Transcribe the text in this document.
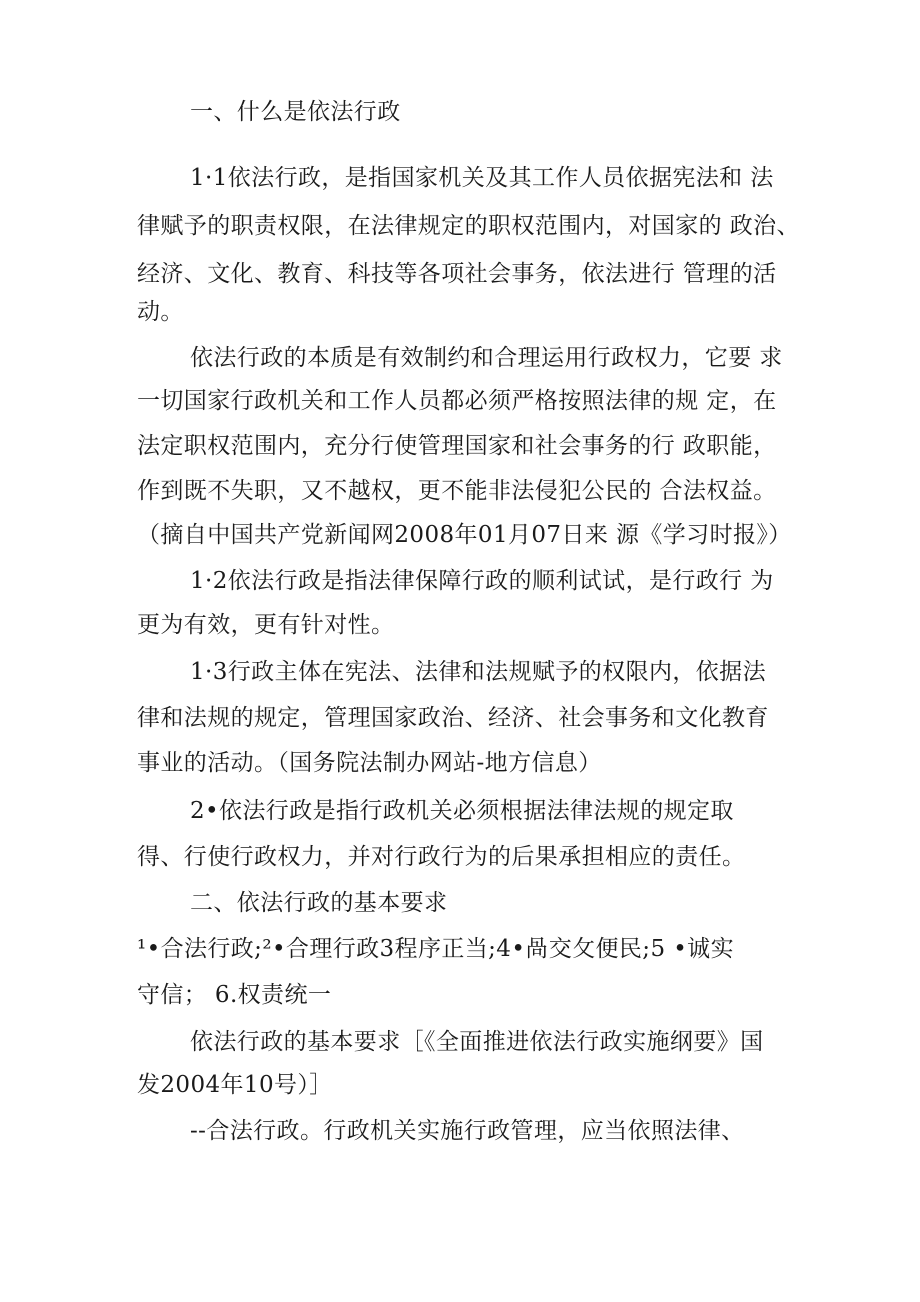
一、什么是依法行政
1·1依法行政，是指国家机关及其工作人员依据宪法和 法
律赋予的职责权限，在法律规定的职权范围内，对国家的 政治、
经济、文化、教育、科技等各项社会事务，依法进行 管理的活
动。
依法行政的本质是有效制约和合理运用行政权力，它要 求
一切国家行政机关和工作人员都必须严格按照法律的规 定，在
法定职权范围内，充分行使管理国家和社会事务的行 政职能，
作到既不失职，又不越权，更不能非法侵犯公民的 合法权益。
（摘自中国共产党新闻网2008年01月07日来 源《学习时报》）
1·2依法行政是指法律保障行政的顺利试试，是行政行 为
更为有效，更有针对性。
1·3行政主体在宪法、法律和法规赋予的权限内，依据法
律和法规的规定，管理国家政治、经济、社会事务和文化教育
事业的活动。（国务院法制办网站-地方信息）
2•依法行政是指行政机关必须根据法律法规的规定取
得、行使行政权力，并对行政行为的后果承担相应的责任。
二、依法行政的基本要求
¹•合法行政;²•合理行政3程序正当;4•咼交攵便民;5 •诚实
守信； 6.权责统一
依法行政的基本要求［《全面推进依法行政实施纲要》国
发2004年10号）］
--合法行政。行政机关实施行政管理，应当依照法律、
